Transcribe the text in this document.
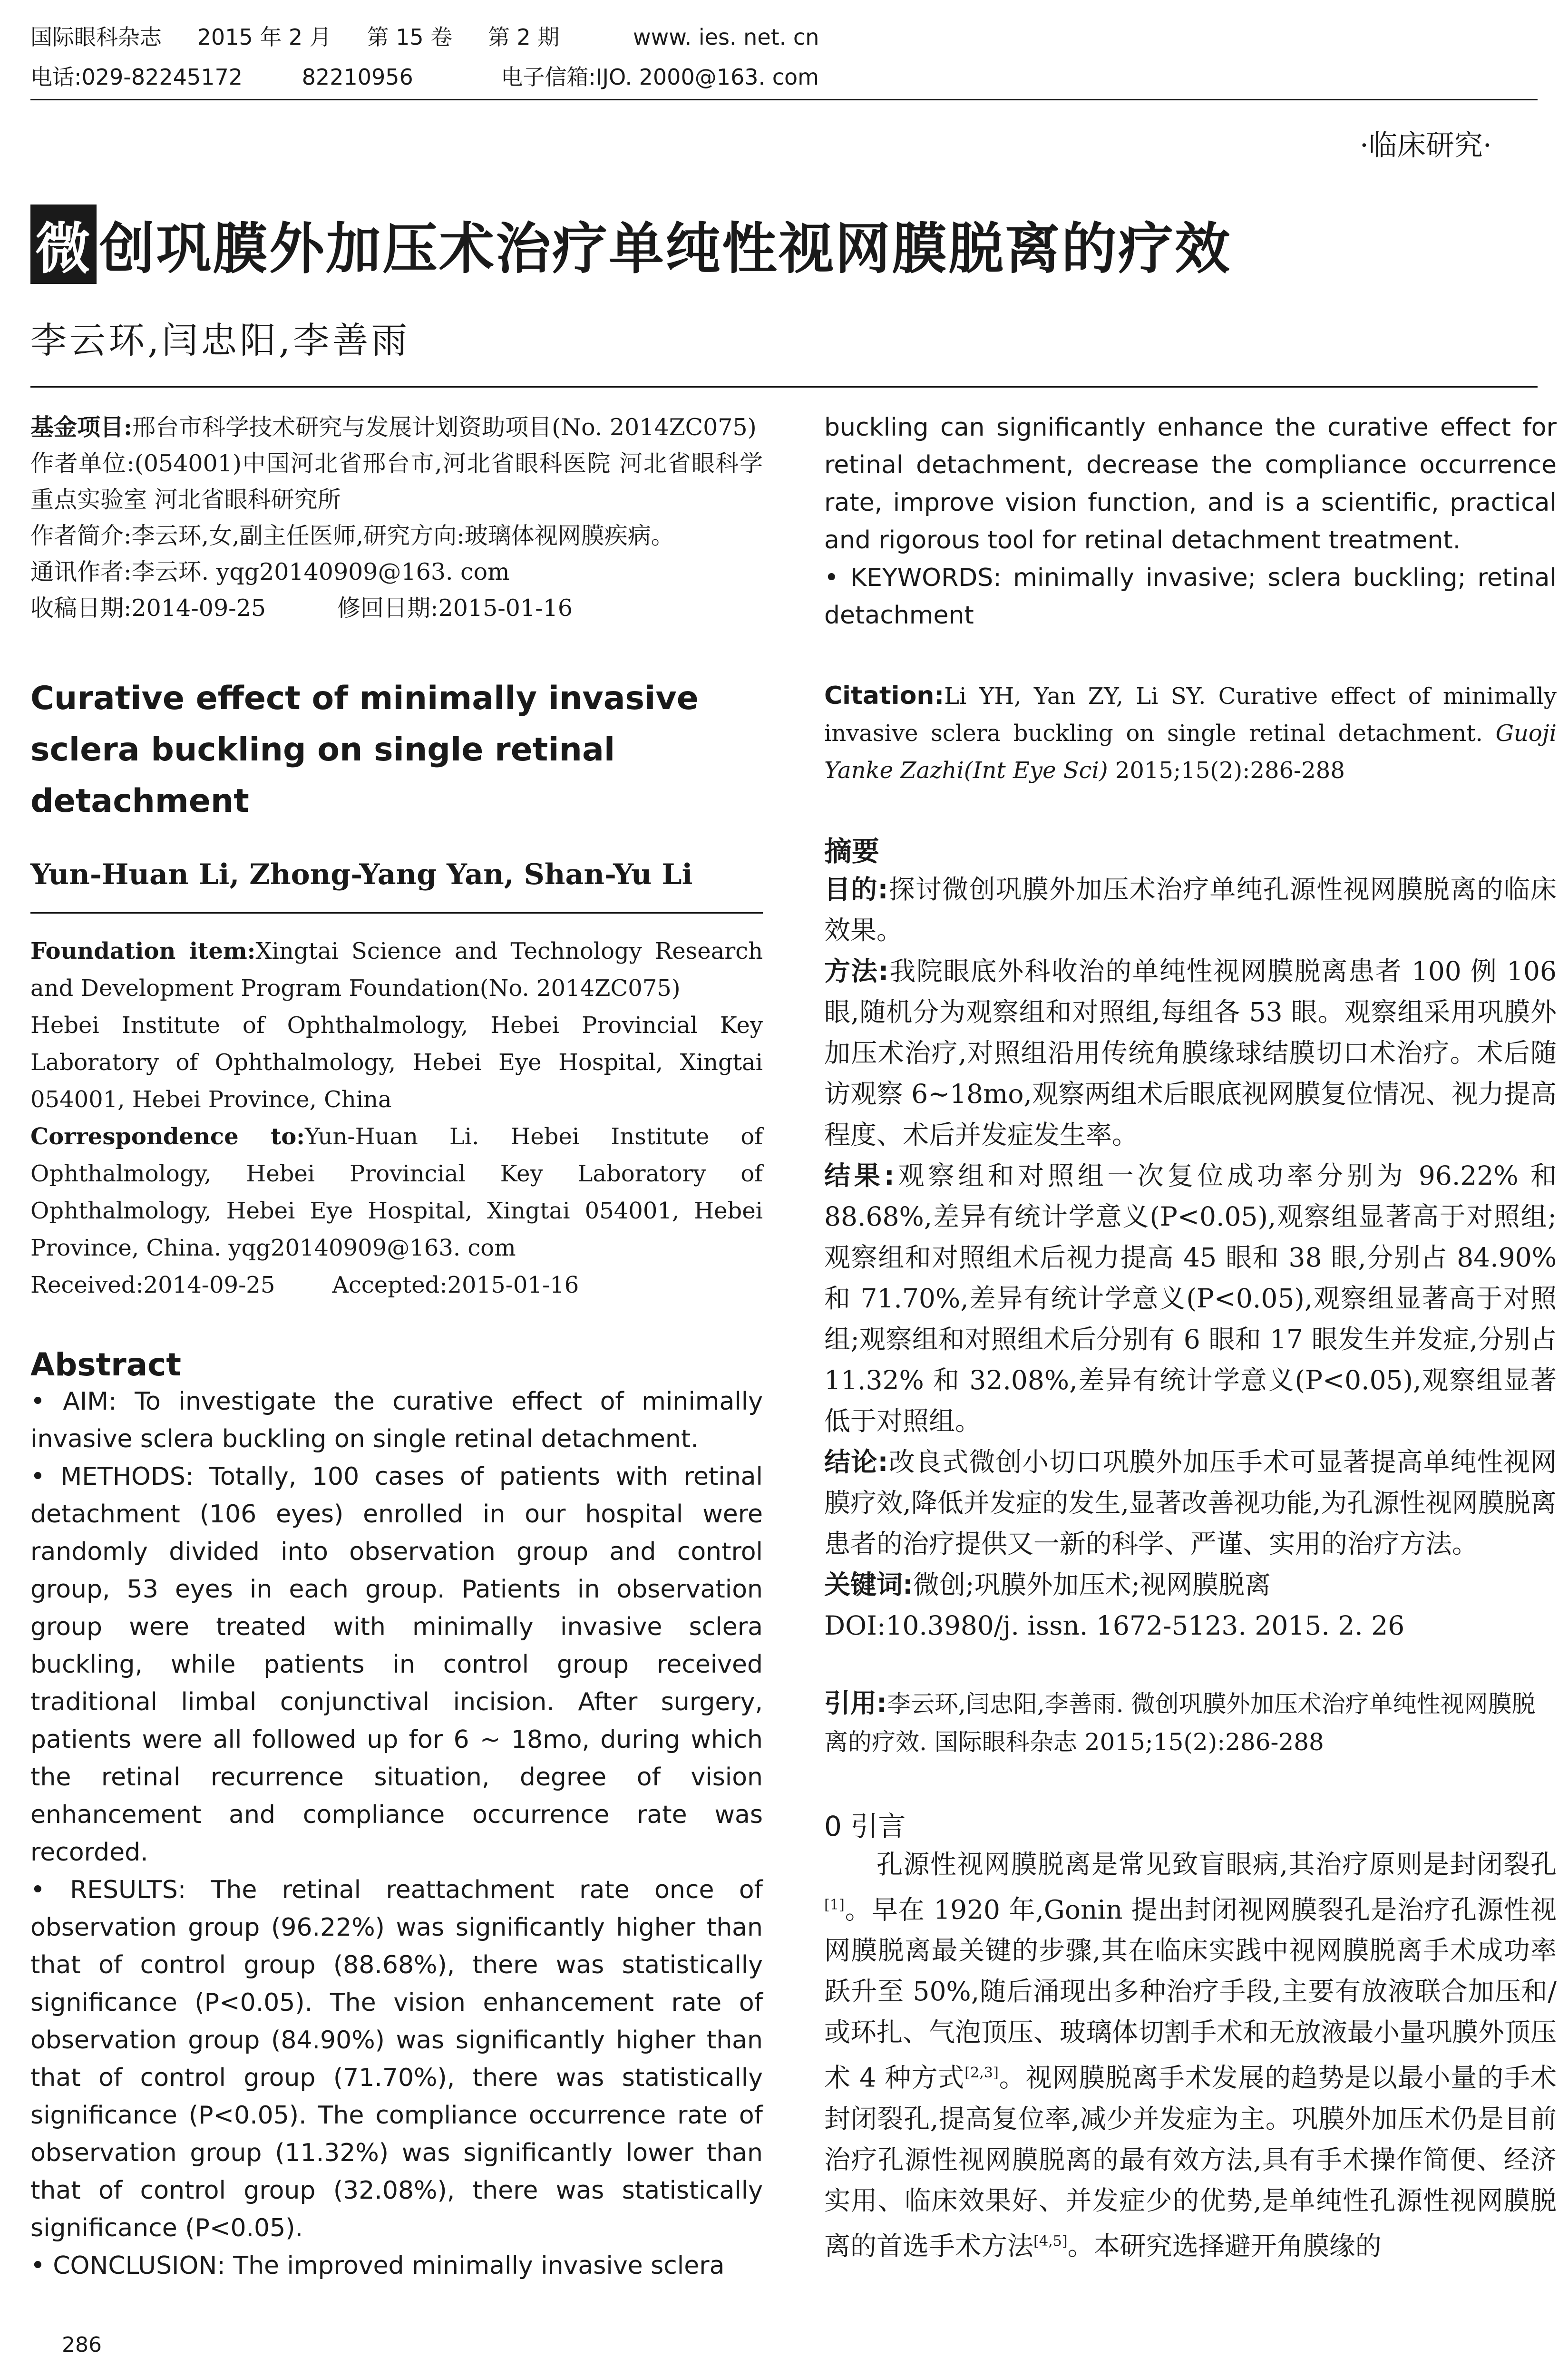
国际眼科杂志 2015 年 2 月 第 15 卷 第 2 期	www. ies. net. cn
电话:029-82245172	82210956	电子信箱:IJO. 2000@163. com
·临床研究·
微 创巩膜外加压术治疗单纯性视网膜脱离的疗效
李云环,闫忠阳,李善雨

基金项目:邢台市科学技术研究与发展计划资助项目(No. 2014ZC075)

作者单位:(054001)中国河北省邢台市,河北省眼科医院 河北省眼科学重点实验室 河北省眼科研究所

作者简介:李云环,女,副主任医师,研究方向:玻璃体视网膜疾病。

通讯作者:李云环. yqg20140909@163. com

收稿日期:2014-09-25	修回日期:2015-01-16

Curative effect of minimally invasive sclera buckling on single retinal detachment

Yun-Huan Li, Zhong-Yang Yan, Shan-Yu Li

Foundation item:Xingtai Science and Technology Research and Development Program Foundation(No. 2014ZC075)

Hebei Institute of Ophthalmology, Hebei Provincial Key Laboratory of Ophthalmology, Hebei Eye Hospital, Xingtai 054001, Hebei Province, China

Correspondence to:Yun-Huan Li. Hebei Institute of Ophthalmology, Hebei Provincial Key Laboratory of Ophthalmology, Hebei Eye Hospital, Xingtai 054001, Hebei Province, China. yqg20140909@163. com

Received:2014-09-25	Accepted:2015-01-16

Abstract

• AIM: To investigate the curative effect of minimally invasive sclera buckling on single retinal detachment.

• METHODS: Totally, 100 cases of patients with retinal detachment (106 eyes) enrolled in our hospital were randomly divided into observation group and control group, 53 eyes in each group. Patients in observation group were treated with minimally invasive sclera buckling, while patients in control group received traditional limbal conjunctival incision. After surgery, patients were all followed up for 6 ~ 18mo, during which the retinal recurrence situation, degree of vision enhancement and compliance occurrence rate was recorded.

• RESULTS: The retinal reattachment rate once of observation group (96.22%) was significantly higher than that of control group (88.68%), there was statistically significance (P<0.05). The vision enhancement rate of observation group (84.90%) was significantly higher than that of control group (71.70%), there was statistically significance (P<0.05). The compliance occurrence rate of observation group (11.32%) was significantly lower than that of control group (32.08%), there was statistically significance (P<0.05).

• CONCLUSION: The improved minimally invasive sclera

buckling can significantly enhance the curative effect for retinal detachment, decrease the compliance occurrence rate, improve vision function, and is a scientific, practical and rigorous tool for retinal detachment treatment.

• KEYWORDS: minimally invasive; sclera buckling; retinal detachment

Citation:Li YH, Yan ZY, Li SY. Curative effect of minimally invasive sclera buckling on single retinal detachment. Guoji Yanke Zazhi(Int Eye Sci) 2015;15(2):286-288

摘要

目的:探讨微创巩膜外加压术治疗单纯孔源性视网膜脱离的临床效果。

方法:我院眼底外科收治的单纯性视网膜脱离患者 100 例 106 眼,随机分为观察组和对照组,每组各 53 眼。观察组采用巩膜外加压术治疗,对照组沿用传统角膜缘球结膜切口术治疗。术后随访观察 6~18mo,观察两组术后眼底视网膜复位情况、视力提高程度、术后并发症发生率。

结果:观察组和对照组一次复位成功率分别为 96.22% 和 88.68%,差异有统计学意义(P<0.05),观察组显著高于对照组;观察组和对照组术后视力提高 45 眼和 38 眼,分别占 84.90% 和 71.70%,差异有统计学意义(P<0.05),观察组显著高于对照组;观察组和对照组术后分别有 6 眼和 17 眼发生并发症,分别占 11.32% 和 32.08%,差异有统计学意义(P<0.05),观察组显著低于对照组。

结论:改良式微创小切口巩膜外加压手术可显著提高单纯性视网膜疗效,降低并发症的发生,显著改善视功能,为孔源性视网膜脱离患者的治疗提供又一新的科学、严谨、实用的治疗方法。

关键词:微创;巩膜外加压术;视网膜脱离

DOI:10.3980/j. issn. 1672-5123. 2015. 2. 26

引用:李云环,闫忠阳,李善雨. 微创巩膜外加压术治疗单纯性视网膜脱离的疗效. 国际眼科杂志 2015;15(2):286-288

0 引言

孔源性视网膜脱离是常见致盲眼病,其治疗原则是封闭裂孔[1]。早在 1920 年,Gonin 提出封闭视网膜裂孔是治疗孔源性视网膜脱离最关键的步骤,其在临床实践中视网膜脱离手术成功率跃升至 50%,随后涌现出多种治疗手段,主要有放液联合加压和/或环扎、气泡顶压、玻璃体切割手术和无放液最小量巩膜外顶压术 4 种方式[2,3]。视网膜脱离手术发展的趋势是以最小量的手术封闭裂孔,提高复位率,减少并发症为主。巩膜外加压术仍是目前治疗孔源性视网膜脱离的最有效方法,具有手术操作简便、经济实用、临床效果好、并发症少的优势,是单纯性孔源性视网膜脱离的首选手术方法[4,5]。本研究选择避开角膜缘的

286
